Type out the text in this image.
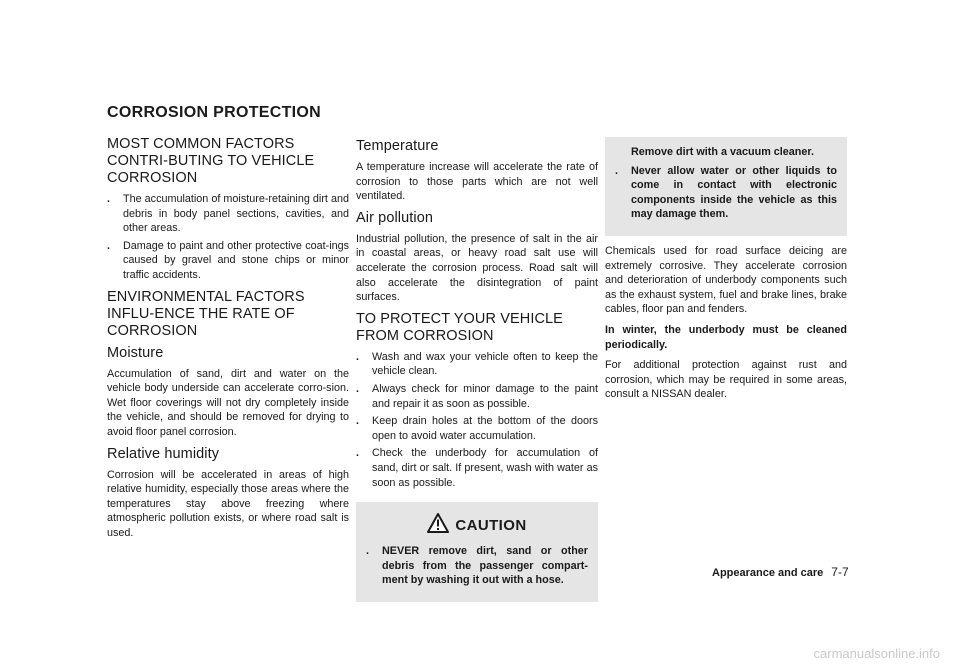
CORROSION PROTECTION
MOST COMMON FACTORS CONTRI-BUTING TO VEHICLE CORROSION
. The accumulation of moisture-retaining dirt and debris in body panel sections, cavities, and other areas.
. Damage to paint and other protective coat-ings caused by gravel and stone chips or minor traffic accidents.
ENVIRONMENTAL FACTORS INFLU-ENCE THE RATE OF CORROSION
Moisture

Accumulation of sand, dirt and water on the vehicle body underside can accelerate corro-sion. Wet floor coverings will not dry completely inside the vehicle, and should be removed for drying to avoid floor panel corrosion.

Relative humidity

Corrosion will be accelerated in areas of high relative humidity, especially those areas where the temperatures stay above freezing where atmospheric pollution exists, or where road salt is used.

Temperature

A temperature increase will accelerate the rate of corrosion to those parts which are not well ventilated.

Air pollution

Industrial pollution, the presence of salt in the air in coastal areas, or heavy road salt use will accelerate the corrosion process. Road salt will also accelerate the disintegration of paint surfaces.

TO PROTECT YOUR VEHICLE FROM CORROSION
. Wash and wax your vehicle often to keep the vehicle clean.
. Always check for minor damage to the paint and repair it as soon as possible.
. Keep drain holes at the bottom of the doors open to avoid water accumulation.
. Check the underbody for accumulation of sand, dirt or salt. If present, wash with water as soon as possible.
CAUTION
. NEVER remove dirt, sand or other debris from the passenger compart-ment by washing it out with a hose.

Remove dirt with a vacuum cleaner.

. Never allow water or other liquids to come in contact with electronic components inside the vehicle as this may damage them.

Chemicals used for road surface deicing are extremely corrosive. They accelerate corrosion and deterioration of underbody components such as the exhaust system, fuel and brake lines, brake cables, floor pan and fenders.

In winter, the underbody must be cleaned periodically.

For additional protection against rust and corrosion, which may be required in some areas, consult a NISSAN dealer.

Appearance and care 7-7
carmanualsonline.info
